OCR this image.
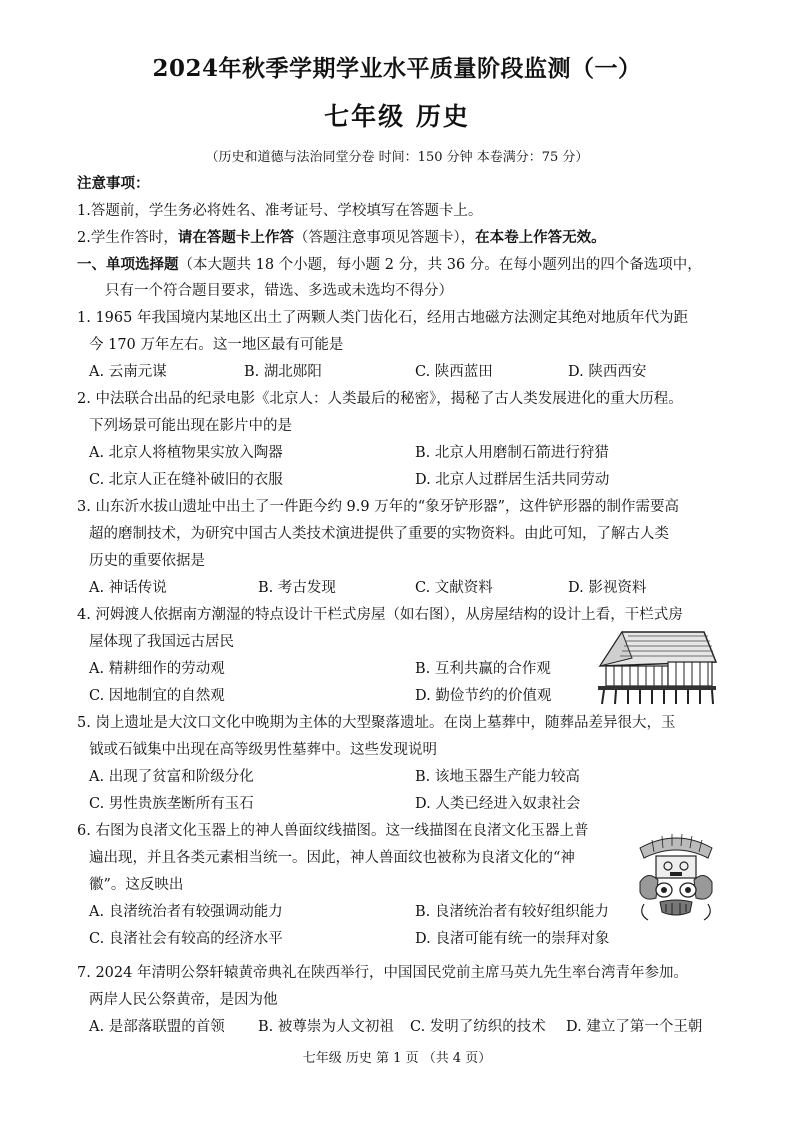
2024年秋季学期学业水平质量阶段监测（一）
七年级 历史
（历史和道德与法治同堂分卷 时间：150 分钟 本卷满分：75 分）
注意事项：
1.答题前，学生务必将姓名、准考证号、学校填写在答题卡上。
2.学生作答时，请在答题卡上作答（答题注意事项见答题卡），在本卷上作答无效。
一、单项选择题（本大题共 18 个小题，每小题 2 分，共 36 分。在每小题列出的四个备选项中，
只有一个符合题目要求，错选、多选或未选均不得分）
1. 1965 年我国境内某地区出土了两颗人类门齿化石，经用古地磁方法测定其绝对地质年代为距
今 170 万年左右。这一地区最有可能是
A. 云南元谋	B. 湖北郧阳	C. 陕西蓝田	D. 陕西西安
2. 中法联合出品的纪录电影《北京人：人类最后的秘密》，揭秘了古人类发展进化的重大历程。
下列场景可能出现在影片中的是
A. 北京人将植物果实放入陶器	B. 北京人用磨制石箭进行狩猎
C. 北京人正在缝补破旧的衣服	D. 北京人过群居生活共同劳动
3. 山东沂水拔山遗址中出土了一件距今约 9.9 万年的“象牙铲形器”，这件铲形器的制作需要高
超的磨制技术，为研究中国古人类技术演进提供了重要的实物资料。由此可知，了解古人类
历史的重要依据是
A. 神话传说	B. 考古发现	C. 文献资料	D. 影视资料
4. 河姆渡人依据南方潮湿的特点设计干栏式房屋（如右图），从房屋结构的设计上看，干栏式房
屋体现了我国远古居民
A. 精耕细作的劳动观	B. 互利共赢的合作观
C. 因地制宜的自然观	D. 勤俭节约的价值观
5. 岗上遗址是大汶口文化中晚期为主体的大型聚落遗址。在岗上墓葬中，随葬品差异很大，玉
钺或石钺集中出现在高等级男性墓葬中。这些发现说明
A. 出现了贫富和阶级分化	B. 该地玉器生产能力较高
C. 男性贵族垄断所有玉石	D. 人类已经进入奴隶社会
6. 右图为良渚文化玉器上的神人兽面纹线描图。这一线描图在良渚文化玉器上普
遍出现，并且各类元素相当统一。因此，神人兽面纹也被称为良渚文化的“神
徽”。这反映出
A. 良渚统治者有较强调动能力	B. 良渚统治者有较好组织能力
C. 良渚社会有较高的经济水平	D. 良渚可能有统一的崇拜对象
7. 2024 年清明公祭轩辕黄帝典礼在陕西举行，中国国民党前主席马英九先生率台湾青年参加。
两岸人民公祭黄帝，是因为他
A. 是部落联盟的首领 B. 被尊崇为人文初祖 C. 发明了纺织的技术 D. 建立了第一个王朝
七年级 历史 第 1 页 （共 4 页）
